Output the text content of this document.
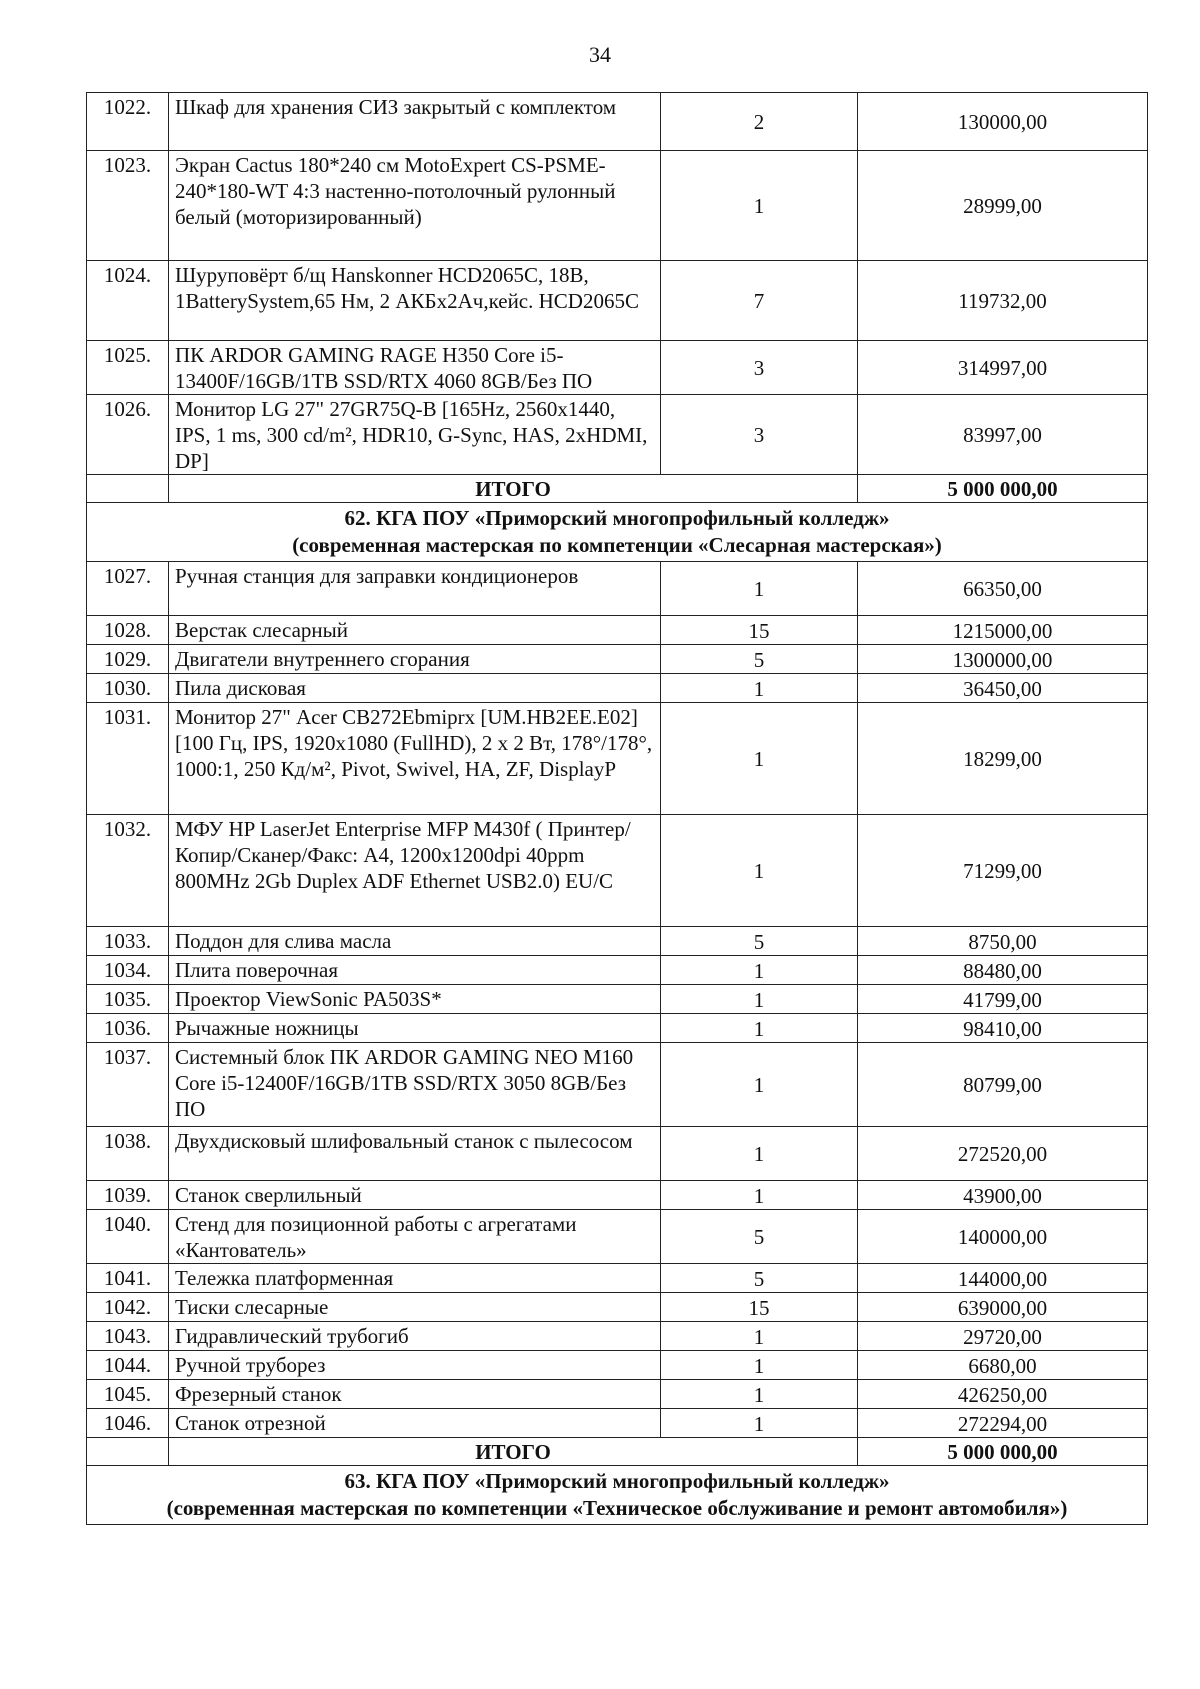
34
1022.	Шкаф для хранения СИЗ закрытый с комплектом	2	130000,00
1023.	Экран Cactus 180*240 см MotoExpert CS-PSME-240*180-WT 4:3 настенно-потолочный рулонный белый (моторизированный)	1	28999,00
1024.	Шуруповёрт б/щ Hanskonner HCD2065C, 18В, 1BatterySystem,65 Нм, 2 АКБх2Ач,кейс. HCD2065C	7	119732,00
1025.	ПК ARDOR GAMING RAGE H350 Core i5-13400F/16GB/1TB SSD/RTX 4060 8GB/Без ПО	3	314997,00
1026.	Монитор LG 27" 27GR75Q-B [165Hz, 2560x1440, IPS, 1 ms, 300 cd/m², HDR10, G-Sync, HAS, 2xHDMI, DP]	3	83997,00
	ИТОГО		5 000 000,00

62. КГА ПОУ «Приморский многопрофильный колледж»
(современная мастерская по компетенции «Слесарная мастерская»)			

1027.	Ручная станция для заправки кондиционеров	1	66350,00
1028.	Верстак слесарный	15	1215000,00
1029.	Двигатели внутреннего сгорания	5	1300000,00
1030.	Пила дисковая	1	36450,00
1031.	Монитор 27" Acer CB272Ebmiprx [UM.HB2EE.E02] [100 Гц, IPS, 1920x1080 (FullHD), 2 x 2 Вт, 178°/178°, 1000:1, 250 Кд/м², Pivot, Swivel, HA, ZF, DisplayP	1	18299,00
1032.	МФУ HP LaserJet Enterprise MFP M430f ( Принтер/Копир/Сканер/Факс: A4, 1200x1200dpi 40ppm 800MHz 2Gb Duplex ADF Ethernet USB2.0) EU/C	1	71299,00
1033.	Поддон для слива масла	5	8750,00
1034.	Плита поверочная	1	88480,00
1035.	Проектор ViewSonic PA503S*	1	41799,00
1036.	Рычажные ножницы	1	98410,00
1037.	Системный блок ПК ARDOR GAMING NEO M160 Core i5-12400F/16GB/1TB SSD/RTX 3050 8GB/Без ПО	1	80799,00
1038.	Двухдисковый шлифовальный станок с пылесосом	1	272520,00
1039.	Станок сверлильный	1	43900,00
1040.	Стенд для позиционной работы с агрегатами «Кантователь»	5	140000,00
1041.	Тележка платформенная	5	144000,00
1042.	Тиски слесарные	15	639000,00
1043.	Гидравлический трубогиб	1	29720,00
1044.	Ручной труборез	1	6680,00
1045.	Фрезерный станок	1	426250,00
1046.	Станок отрезной	1	272294,00
	ИТОГО		5 000 000,00

63. КГА ПОУ «Приморский многопрофильный колледж»
(современная мастерская по компетенции «Техническое обслуживание и ремонт автомобиля»)			
